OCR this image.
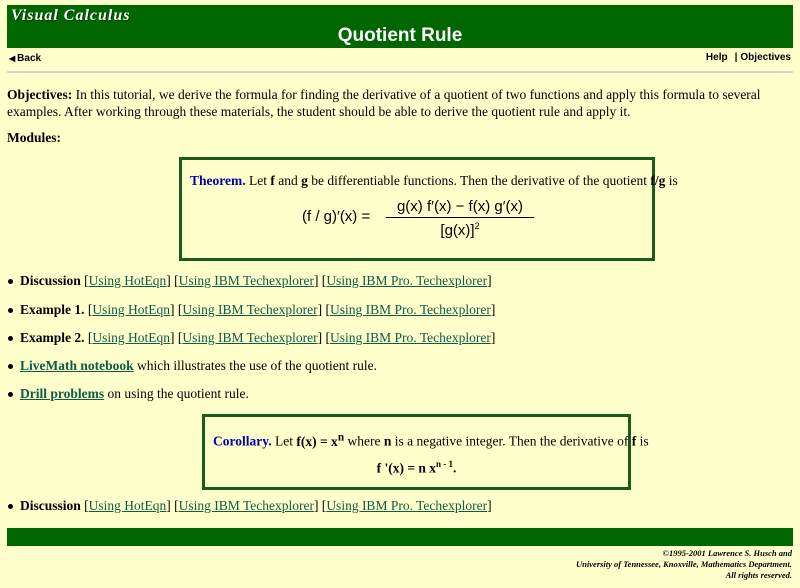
Visual Calculus
Quotient Rule
◀ Back	Help | Objectives
Objectives: In this tutorial, we derive the formula for finding the derivative of a quotient of two functions and apply this formula to several examples. After working through these materials, the student should be able to derive the quotient rule and apply it.
Modules:
Theorem. Let f and g be differentiable functions. Then the derivative of the quotient f/g is
(f / g)′(x) =
g(x) f′(x) − f(x) g′(x)
$[g(x)]^2$
Discussion [Using HotEqn] [Using IBM Techexplorer] [Using IBM Pro. Techexplorer]
Example 1. [Using HotEqn] [Using IBM Techexplorer] [Using IBM Pro. Techexplorer]
Example 2. [Using HotEqn] [Using IBM Techexplorer] [Using IBM Pro. Techexplorer]
LiveMath notebook which illustrates the use of the quotient rule.
Drill problems on using the quotient rule.
Discussion [Using HotEqn] [Using IBM Techexplorer] [Using IBM Pro. Techexplorer]
Corollary. Let $f(x) = x^n$ where n is a negative integer. Then the derivative of f is
f '(x) = n $x^{n - 1}$.
©1995-2001 Lawrence S. Husch and
University of Tennessee, Knoxville, Mathematics Department.
All rights reserved.
